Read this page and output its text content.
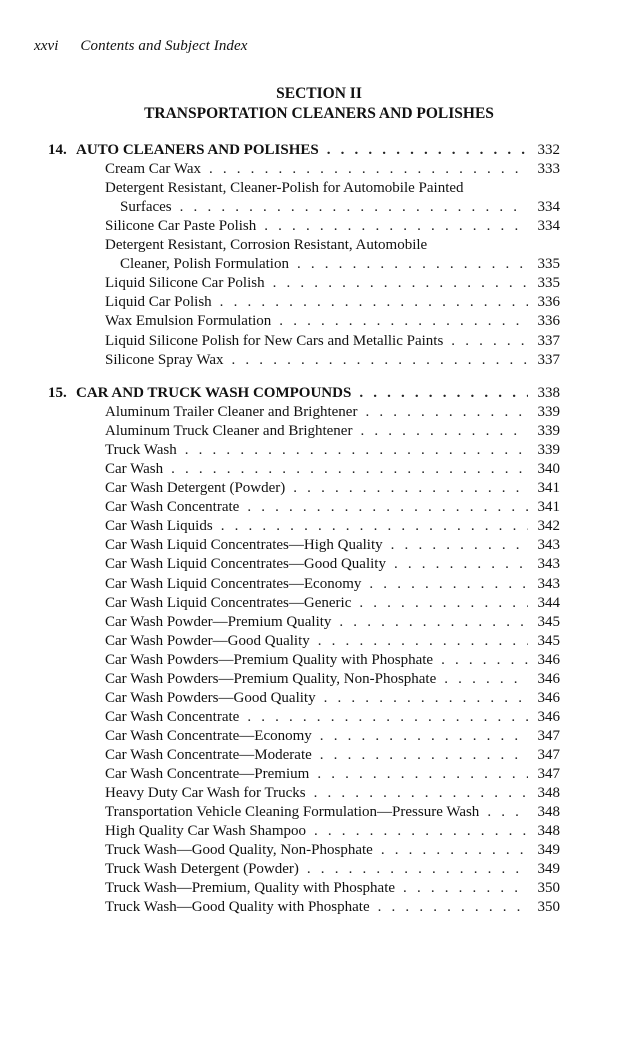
xxvi Contents and Subject Index
SECTION II
TRANSPORTATION CLEANERS AND POLISHES
14. AUTO CLEANERS AND POLISHES . . .	332
Cream Car Wax . . .	333
Detergent Resistant, Cleaner-Polish for Automobile Painted
Surfaces . . .	334
Silicone Car Paste Polish . . .	334
Detergent Resistant, Corrosion Resistant, Automobile
Cleaner, Polish Formulation . . .	335
Liquid Silicone Car Polish . . .	335
Liquid Car Polish . . .	336
Wax Emulsion Formulation . . .	336
Liquid Silicone Polish for New Cars and Metallic Paints . . .	337
Silicone Spray Wax . . .	337
15. CAR AND TRUCK WASH COMPOUNDS . . .	338
Aluminum Trailer Cleaner and Brightener . . .	339
Aluminum Truck Cleaner and Brightener . . .	339
Truck Wash . . .	339
Car Wash . . .	340
Car Wash Detergent (Powder) . . .	341
Car Wash Concentrate . . .	341
Car Wash Liquids . . .	342
Car Wash Liquid Concentrates—High Quality . . .	343
Car Wash Liquid Concentrates—Good Quality . . .	343
Car Wash Liquid Concentrates—Economy . . .	343
Car Wash Liquid Concentrates—Generic . . .	344
Car Wash Powder—Premium Quality . . .	345
Car Wash Powder—Good Quality . . .	345
Car Wash Powders—Premium Quality with Phosphate . . .	346
Car Wash Powders—Premium Quality, Non-Phosphate . . .	346
Car Wash Powders—Good Quality . . .	346
Car Wash Concentrate . . .	346
Car Wash Concentrate—Economy . . .	347
Car Wash Concentrate—Moderate . . .	347
Car Wash Concentrate—Premium . . .	347
Heavy Duty Car Wash for Trucks . . .	348
Transportation Vehicle Cleaning Formulation—Pressure Wash . . .	348
High Quality Car Wash Shampoo . . .	348
Truck Wash—Good Quality, Non-Phosphate . . .	349
Truck Wash Detergent (Powder) . . .	349
Truck Wash—Premium, Quality with Phosphate . . .	350
Truck Wash—Good Quality with Phosphate . . .	350
